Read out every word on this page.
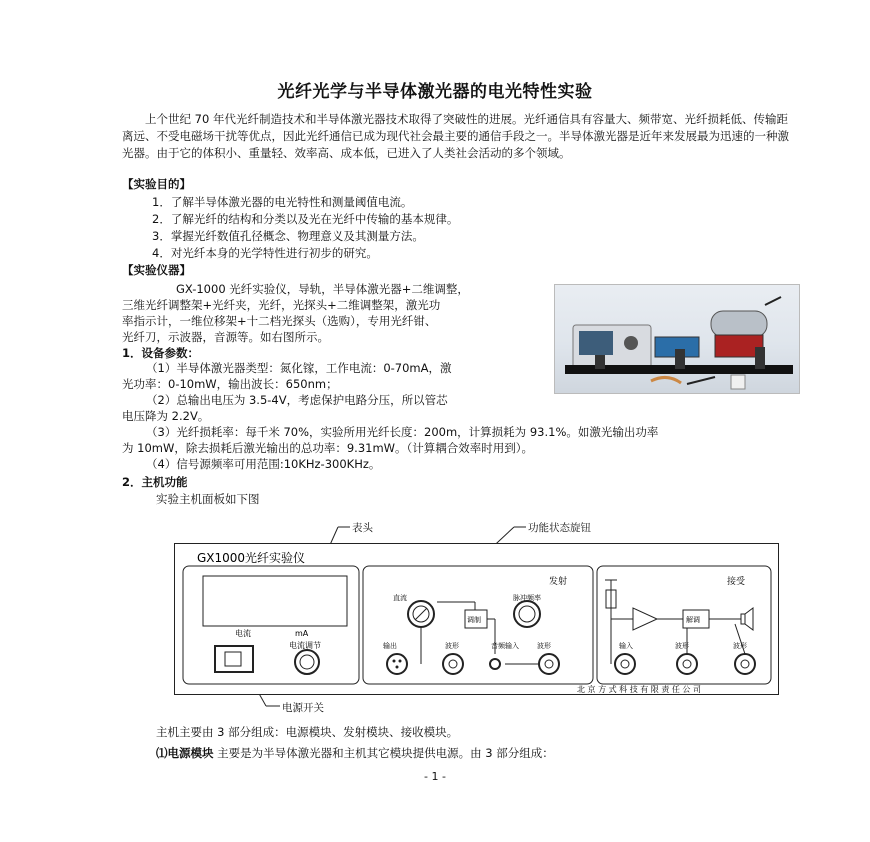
光纤光学与半导体激光器的电光特性实验

上个世纪 70 年代光纤制造技术和半导体激光器技术取得了突破性的进展。光纤通信具有容量大、频带宽、光纤损耗低、传输距离远、不受电磁场干扰等优点，因此光纤通信已成为现代社会最主要的通信手段之一。半导体激光器是近年来发展最为迅速的一种激光器。由于它的体积小、重量轻、效率高、成本低，已进入了人类社会活动的多个领域。

【实验目的】
1．了解半导体激光器的电光特性和测量阈值电流。
2．了解光纤的结构和分类以及光在光纤中传输的基本规律。
3．掌握光纤数值孔径概念、物理意义及其测量方法。
4．对光纤本身的光学特性进行初步的研究。
【实验仪器】
GX-1000 光纤实验仪，导轨，半导体激光器+二维调整，
三维光纤调整架+光纤夹，光纤，光探头+二维调整架，激光功
率指示计，一维位移架+十二档光探头（选购），专用光纤钳、
光纤刀，示波器，音源等。如右图所示。
1．设备参数：
（1）半导体激光器类型：氮化镓，工作电流：0-70mA，激
光功率：0-10mW，输出波长：650nm；
（2）总输出电压为 3.5-4V，考虑保护电路分压，所以管芯
电压降为 2.2V。
（3）光纤损耗率：每千米 70%，实验所用光纤长度：200m，计算损耗为 93.1%。如激光输出功率
为 10mW，除去损耗后激光输出的总功率：9.31mW。（计算耦合效率时用到）。
（4）信号源频率可用范围:10KHz-300KHz。
2．主机功能
实验主机面板如下图
表头	功能状态旋钮
电源开关
GX1000光纤实验仪
电流	mA
电流调节
发射
直流	脉冲频率
调制
输出	波形	音频输入	波形
接受
解调
输入	波形	波形
北 京 方 式 科 技 有 限 责 任 公 司
主机主要由 3 部分组成：电源模块、发射模块、接收模块。
⑴电源模块 主要是为半导体激光器和主机其它模块提供电源。由 3 部分组成：
- 1 -
